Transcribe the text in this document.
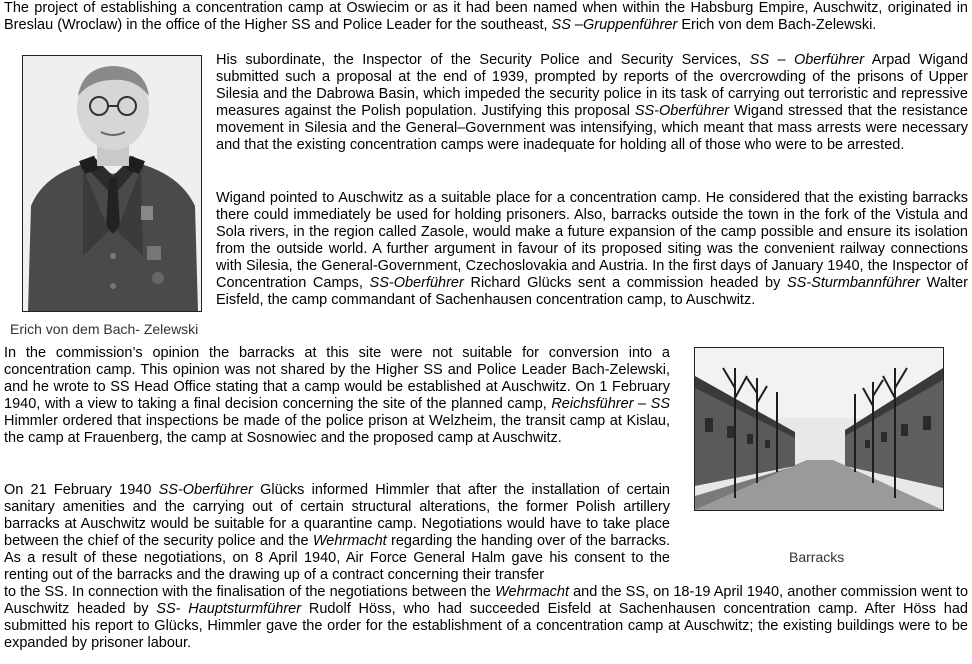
The project of establishing a concentration camp at Oswiecim or as it had been named when within the Habsburg Empire, Auschwitz, originated in Breslau (Wroclaw) in the office of the Higher SS and Police Leader for the southeast, SS –Gruppenführer Erich von dem Bach-Zelewski.

Erich von dem Bach- Zelewski

His subordinate, the Inspector of the Security Police and Security Services, SS – Oberführer Arpad Wigand submitted such a proposal at the end of 1939, prompted by reports of the overcrowding of the prisons of Upper Silesia and the Dabrowa Basin, which impeded the security police in its task of carrying out terroristic and repressive measures against the Polish population. Justifying this proposal SS-Oberführer Wigand stressed that the resistance movement in Silesia and the General–Government was intensifying, which meant that mass arrests were necessary and that the existing concentration camps were inadequate for holding all of those who were to be arrested.

Wigand pointed to Auschwitz as a suitable place for a concentration camp. He considered that the existing barracks there could immediately be used for holding prisoners. Also, barracks outside the town in the fork of the Vistula and Sola rivers, in the region called Zasole, would make a future expansion of the camp possible and ensure its isolation from the outside world. A further argument in favour of its proposed siting was the convenient railway connections with Silesia, the General-Government, Czechoslovakia and Austria. In the first days of January 1940, the Inspector of Concentration Camps, SS-Oberführer Richard Glücks sent a commission headed by SS-Sturmbannführer Walter Eisfeld, the camp commandant of Sachenhausen concentration camp, to Auschwitz.

In the commission’s opinion the barracks at this site were not suitable for conversion into a concentration camp. This opinion was not shared by the Higher SS and Police Leader Bach-Zelewski, and he wrote to SS Head Office stating that a camp would be established at Auschwitz. On 1 February 1940, with a view to taking a final decision concerning the site of the planned camp, Reichsführer – SS Himmler ordered that inspections be made of the police prison at Welzheim, the transit camp at Kislau, the camp at Frauenberg, the camp at Sosnowiec and the proposed camp at Auschwitz.

Barracks

On 21 February 1940 SS-Oberführer Glücks informed Himmler that after the installation of certain sanitary amenities and the carrying out of certain structural alterations, the former Polish artillery barracks at Auschwitz would be suitable for a quarantine camp. Negotiations would have to take place between the chief of the security police and the Wehrmacht regarding the handing over of the barracks. As a result of these negotiations, on 8 April 1940, Air Force General Halm gave his consent to the renting out of the barracks and the drawing up of a contract concerning their transfer

to the SS. In connection with the finalisation of the negotiations between the Wehrmacht and the SS, on 18-19 April 1940, another commission went to Auschwitz headed by SS- Hauptsturmführer Rudolf Höss, who had succeeded Eisfeld at Sachenhausen concentration camp. After Höss had submitted his report to Glücks, Himmler gave the order for the establishment of a concentration camp at Auschwitz; the existing buildings were to be expanded by prisoner labour.
